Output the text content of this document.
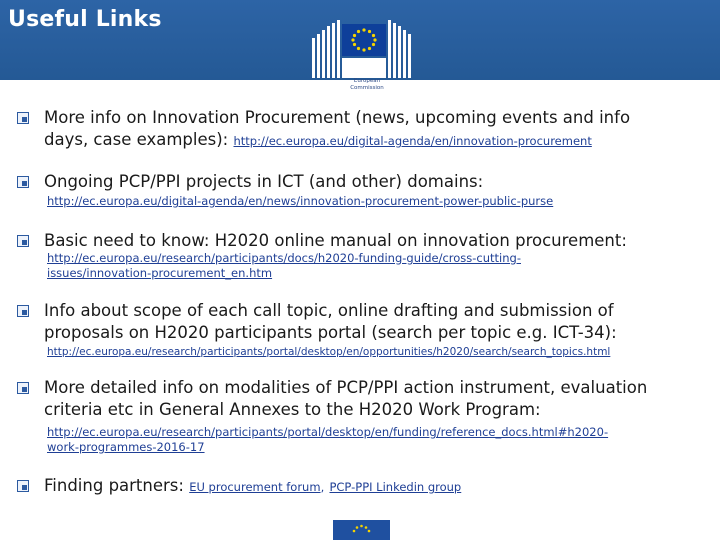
Useful Links
European
Commission
More info on Innovation Procurement (news, upcoming events and info
days, case examples): http://ec.europa.eu/digital-agenda/en/innovation-procurement
Ongoing PCP/PPI projects in ICT (and other) domains:
http://ec.europa.eu/digital-agenda/en/news/innovation-procurement-power-public-purse
Basic need to know: H2020 online manual on innovation procurement:
http://ec.europa.eu/research/participants/docs/h2020-funding-guide/cross-cutting-
issues/innovation-procurement_en.htm
Info about scope of each call topic, online drafting and submission of
proposals on H2020 participants portal (search per topic e.g. ICT-34):
http://ec.europa.eu/research/participants/portal/desktop/en/opportunities/h2020/search/search_topics.html
More detailed info on modalities of PCP/PPI action instrument, evaluation
criteria etc in General Annexes to the H2020 Work Program:
http://ec.europa.eu/research/participants/portal/desktop/en/funding/reference_docs.html#h2020-
work-programmes-2016-17
Finding partners: EU procurement forum, PCP-PPI Linkedin group
